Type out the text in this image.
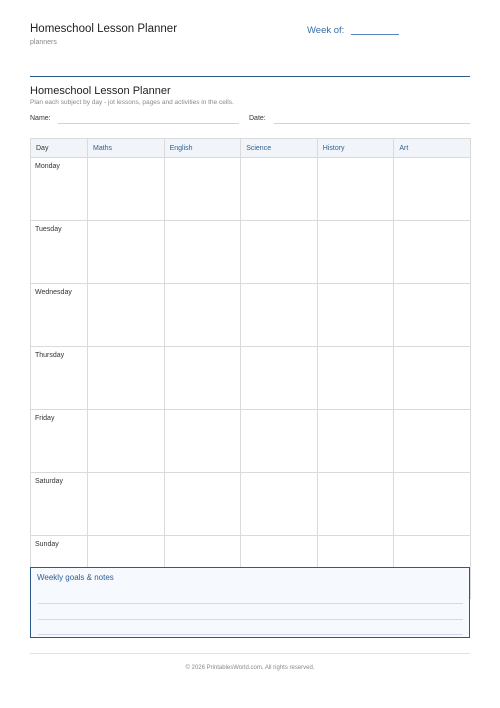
Homeschool Lesson Planner
planners
Week of:
Homeschool Lesson Planner
Plan each subject by day - jot lessons, pages and activities in the cells.
Name:	Date:
Day	Maths	English	Science	History	Art
Monday					
Tuesday					
Wednesday					
Thursday					
Friday					
Saturday					
Sunday					
Weekly goals & notes
© 2026 PrintablesWorld.com. All rights reserved.
